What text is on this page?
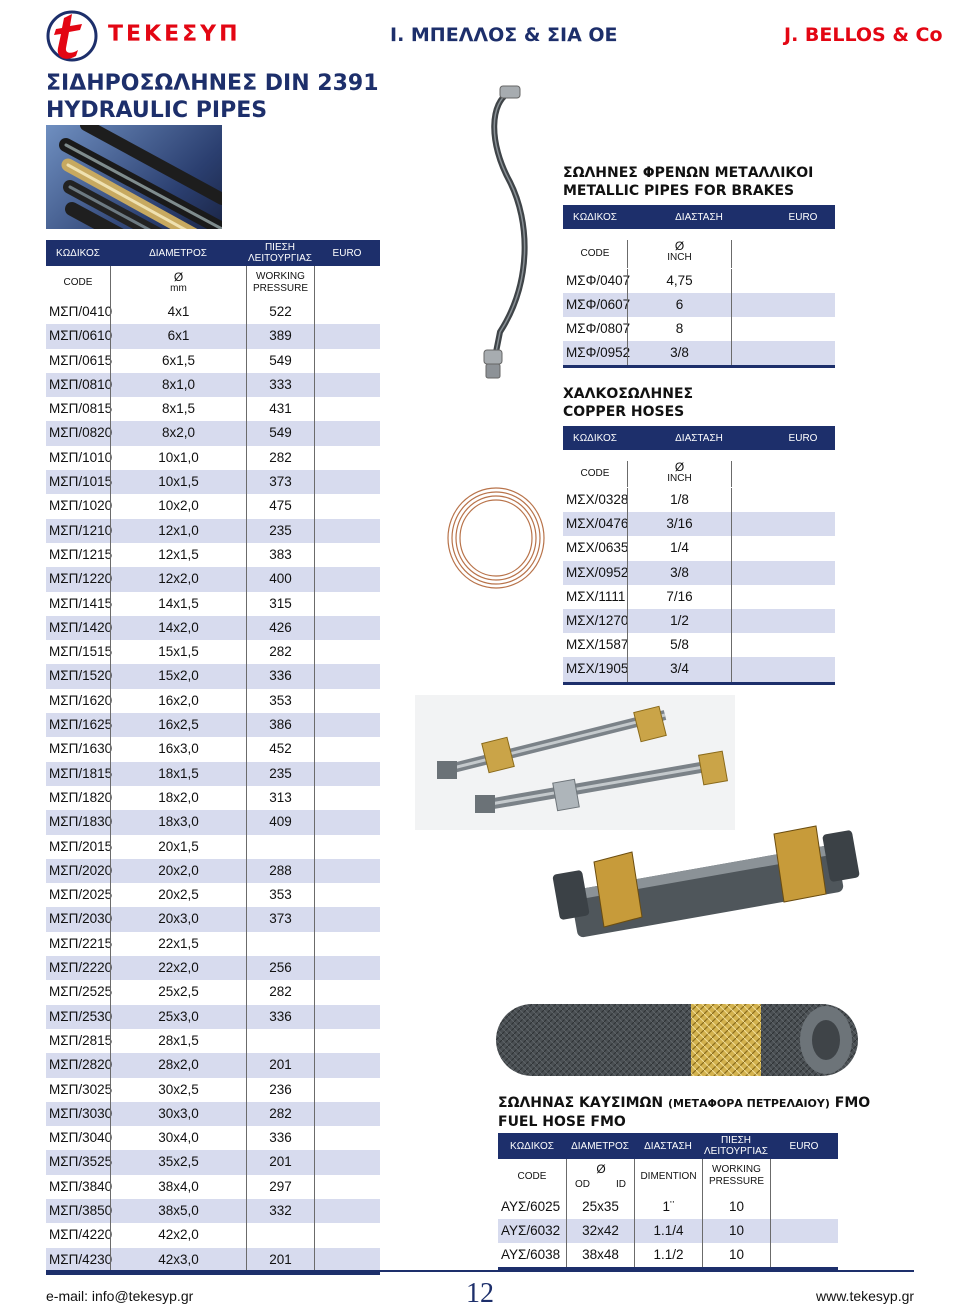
ΤΕΚΕΣΥΠ	Ι. ΜΠΕΛΛΟΣ & ΣΙΑ ΟΕ	J. BELLOS & Co
ΣΙΔΗΡΟΣΩΛΗΝΕΣ DIN 2391
HYDRAULIC PIPES
ΚΩΔΙΚΟΣ	ΔΙΑΜΕΤΡΟΣ	ΠΙΕΣΗ
ΛΕΙΤΟΥΡΓΙΑΣ	EURO
CODE	Ø
mm
WORKING
PRESSURE
ΜΣΠ/0410	4x1	522
ΜΣΠ/0610	6x1	389
ΜΣΠ/0615	6x1,5	549
ΜΣΠ/0810	8x1,0	333
ΜΣΠ/0815	8x1,5	431
ΜΣΠ/0820	8x2,0	549
ΜΣΠ/1010	10x1,0	282
ΜΣΠ/1015	10x1,5	373
ΜΣΠ/1020	10x2,0	475
ΜΣΠ/1210	12x1,0	235
ΜΣΠ/1215	12x1,5	383
ΜΣΠ/1220	12x2,0	400
ΜΣΠ/1415	14x1,5	315
ΜΣΠ/1420	14x2,0	426
ΜΣΠ/1515	15x1,5	282
ΜΣΠ/1520	15x2,0	336
ΜΣΠ/1620	16x2,0	353
ΜΣΠ/1625	16x2,5	386
ΜΣΠ/1630	16x3,0	452
ΜΣΠ/1815	18x1,5	235
ΜΣΠ/1820	18x2,0	313
ΜΣΠ/1830	18x3,0	409
ΜΣΠ/2015	20x1,5
ΜΣΠ/2020	20x2,0	288
ΜΣΠ/2025	20x2,5	353
ΜΣΠ/2030	20x3,0	373
ΜΣΠ/2215	22x1,5
ΜΣΠ/2220	22x2,0	256
ΜΣΠ/2525	25x2,5	282
ΜΣΠ/2530	25x3,0	336
ΜΣΠ/2815	28x1,5
ΜΣΠ/2820	28x2,0	201
ΜΣΠ/3025	30x2,5	236
ΜΣΠ/3030	30x3,0	282
ΜΣΠ/3040	30x4,0	336
ΜΣΠ/3525	35x2,5	201
ΜΣΠ/3840	38x4,0	297
ΜΣΠ/3850	38x5,0	332
ΜΣΠ/4220	42x2,0
ΜΣΠ/4230	42x3,0	201
ΣΩΛΗΝΕΣ ΦΡΕΝΩΝ ΜΕΤΑΛΛΙΚΟΙ
METALLIC PIPES FOR BRAKES
ΚΩΔΙΚΟΣ	ΔΙΑΣΤΑΣΗ	EURO
CODE
Ø
INCH
ΜΣΦ/0407	4,75
ΜΣΦ/0607	6
ΜΣΦ/0807	8
ΜΣΦ/0952	3/8
ΧΑΛΚΟΣΩΛΗΝΕΣ
COPPER HOSES
ΚΩΔΙΚΟΣ	ΔΙΑΣΤΑΣΗ	EURO
CODE	Ø
INCH
ΜΣΧ/0328	1/8
ΜΣΧ/0476	3/16
ΜΣΧ/0635	1/4
ΜΣΧ/0952	3/8
ΜΣΧ/1111	7/16
ΜΣΧ/1270	1/2
ΜΣΧ/1587	5/8
ΜΣΧ/1905	3/4
ΣΩΛΗΝΑΣ ΚΑΥΣΙΜΩΝ (ΜΕΤΑΦΟΡΑ ΠΕΤΡΕΛΑΙΟΥ) FMO
FUEL HOSE FMO
ΚΩΔΙΚΟΣ	ΔΙΑΜΕΤΡΟΣ	ΔΙΑΣΤΑΣΗ	ΠΙΕΣΗ
ΛΕΙΤΟΥΡΓΙΑΣ	EURO
CODE
Ø
OD	ID
DIMENTION
WORKING
PRESSURE
ΑΥΣ/6025	25x35	1¨	10
ΑΥΣ/6032	32x42	1.1/4	10
ΑΥΣ/6038	38x48	1.1/2	10
e-mail: info@tekesyp.gr	12	www.tekesyp.gr
